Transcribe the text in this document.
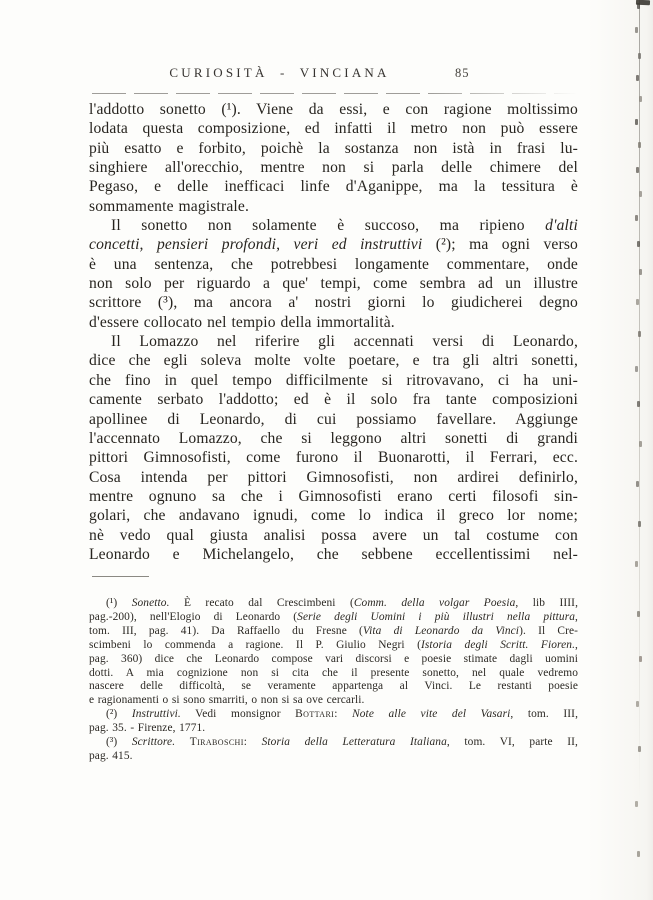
CURIOSITÀ - VINCIANA	85
l'addotto sonetto (¹). Viene da essi, e con ragione moltissimo
lodata questa composizione, ed infatti il metro non può essere
più esatto e forbito, poichè la sostanza non istà in frasi lu-
singhiere all'orecchio, mentre non si parla delle chimere del
Pegaso, e delle inefficaci linfe d'Aganippe, ma la tessitura è
sommamente magistrale.
Il sonetto non solamente è succoso, ma ripieno d'alti
concetti, pensieri profondi, veri ed instruttivi (²); ma ogni verso
è una sentenza, che potrebbesi longamente commentare, onde
non solo per riguardo a que' tempi, come sembra ad un illustre
scrittore (³), ma ancora a' nostri giorni lo giudicherei degno
d'essere collocato nel tempio della immortalità.
Il Lomazzo nel riferire gli accennati versi di Leonardo,
dice che egli soleva molte volte poetare, e tra gli altri sonetti,
che fino in quel tempo difficilmente si ritrovavano, ci ha uni-
camente serbato l'addotto; ed è il solo fra tante composizioni
apollinee di Leonardo, di cui possiamo favellare. Aggiunge
l'accennato Lomazzo, che si leggono altri sonetti di grandi
pittori Gimnosofisti, come furono il Buonarotti, il Ferrari, ecc.
Cosa intenda per pittori Gimnosofisti, non ardirei definirlo,
mentre ognuno sa che i Gimnosofisti erano certi filosofi sin-
golari, che andavano ignudi, come lo indica il greco lor nome;
nè vedo qual giusta analisi possa avere un tal costume con
Leonardo e Michelangelo, che sebbene eccellentissimi nel-
(¹) Sonetto. È recato dal Crescimbeni (Comm. della volgar Poesia, lib IIII,
pag.-200), nell'Elogio di Leonardo (Serie degli Uomini i più illustri nella pittura,
tom. III, pag. 41). Da Raffaello du Fresne (Vita di Leonardo da Vinci). Il Cre-
scimbeni lo commenda a ragione. Il P. Giulio Negri (Istoria degli Scritt. Fioren.,
pag. 360) dice che Leonardo compose vari discorsi e poesie stimate dagli uomini
dotti. A mia cognizione non si cita che il presente sonetto, nel quale vedremo
nascere delle difficoltà, se veramente appartenga al Vinci. Le restanti poesie
e ragionamenti o si sono smarriti, o non si sa ove cercarli.
(²) Instruttivi. Vedi monsignor Bottari: Note alle vite del Vasari, tom. III,
pag. 35. - Firenze, 1771.
(³) Scrittore. Tiraboschi: Storia della Letteratura Italiana, tom. VI, parte II,
pag. 415.
